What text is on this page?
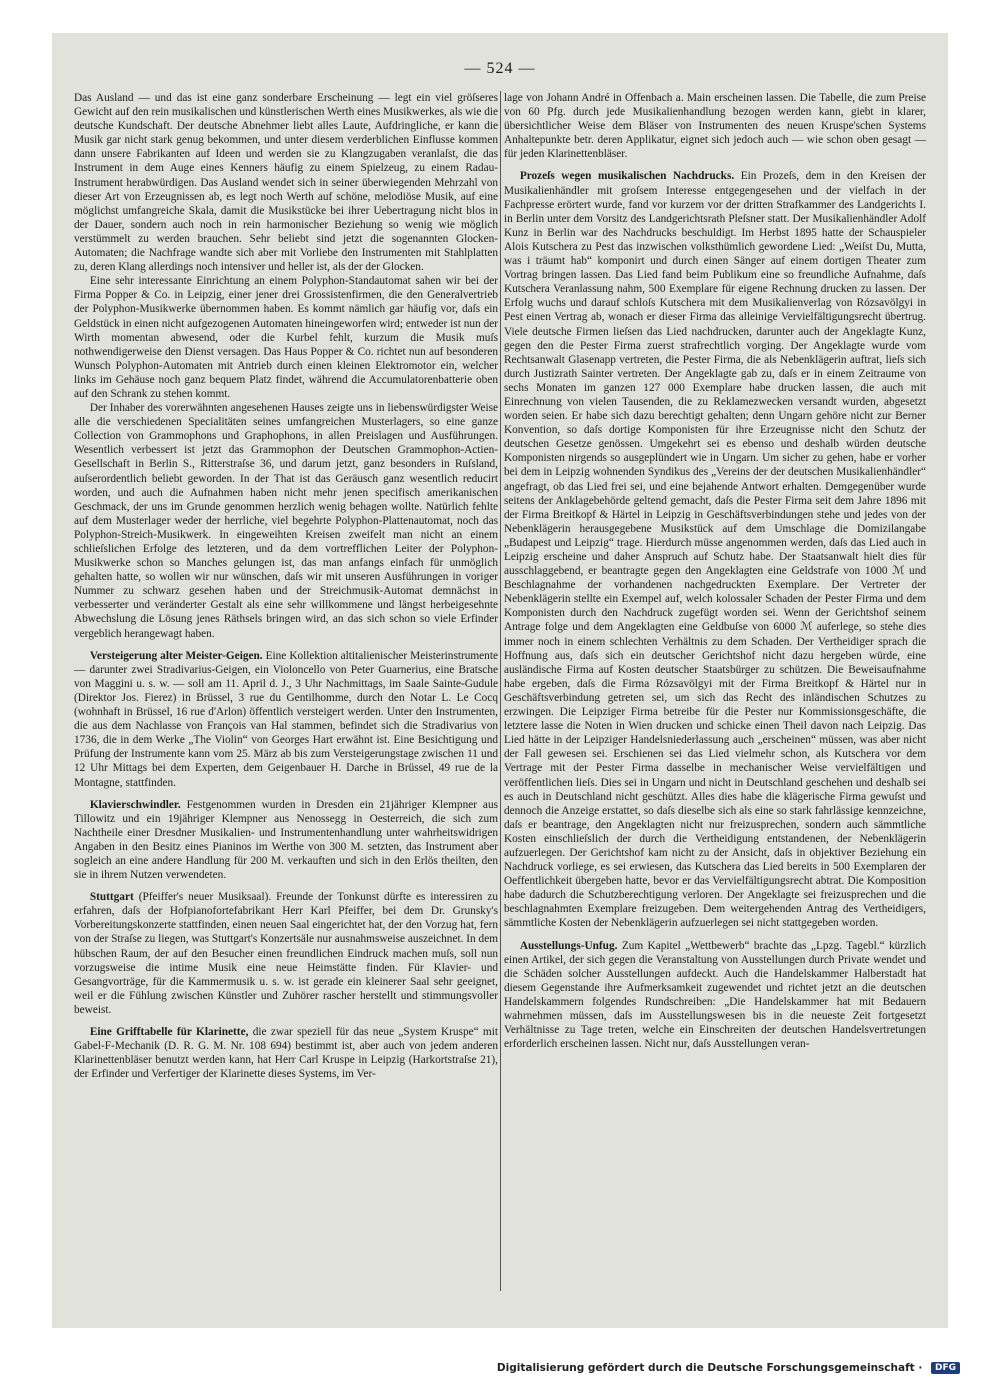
— 524 —

Das Ausland — und das ist eine ganz sonderbare Erscheinung — legt ein viel gröſseres Gewicht auf den rein musikalischen und künstlerischen Werth eines Musikwerkes, als wie die deutsche Kundschaft. Der deutsche Abnehmer liebt alles Laute, Aufdringliche, er kann die Musik gar nicht stark genug bekommen, und unter diesem verderblichen Einflusse kommen dann unsere Fabrikanten auf Ideen und werden sie zu Klangzugaben veranlaſst, die das Instrument in dem Auge eines Kenners häufig zu einem Spielzeug, zu einem Radau-Instrument herabwürdigen. Das Ausland wendet sich in seiner überwiegenden Mehrzahl von dieser Art von Erzeugnissen ab, es legt noch Werth auf schöne, melodiöse Musik, auf eine möglichst umfangreiche Skala, damit die Musikstücke bei ihrer Uebertragung nicht blos in der Dauer, sondern auch noch in rein harmonischer Beziehung so wenig wie möglich verstümmelt zu werden brauchen. Sehr beliebt sind jetzt die sogenannten Glocken-Automaten; die Nachfrage wandte sich aber mit Vorliebe den Instrumenten mit Stahlplatten zu, deren Klang allerdings noch intensiver und heller ist, als der der Glocken.

Eine sehr interessante Einrichtung an einem Polyphon-Standautomat sahen wir bei der Firma Popper & Co. in Leipzig, einer jener drei Grossistenfirmen, die den Generalvertrieb der Polyphon-Musikwerke übernommen haben. Es kommt nämlich gar häufig vor, daſs ein Geldstück in einen nicht aufgezogenen Automaten hineingeworfen wird; entweder ist nun der Wirth momentan abwesend, oder die Kurbel fehlt, kurzum die Musik muſs nothwendigerweise den Dienst versagen. Das Haus Popper & Co. richtet nun auf besonderen Wunsch Polyphon-Automaten mit Antrieb durch einen kleinen Elektromotor ein, welcher links im Gehäuse noch ganz bequem Platz findet, während die Accumulatorenbatterie oben auf den Schrank zu stehen kommt.

Der Inhaber des vorerwähnten angesehenen Hauses zeigte uns in liebenswürdigster Weise alle die verschiedenen Specialitäten seines umfangreichen Musterlagers, so eine ganze Collection von Grammophons und Graphophons, in allen Preislagen und Ausführungen. Wesentlich verbessert ist jetzt das Grammophon der Deutschen Grammophon-Actien-Gesellschaft in Berlin S., Ritterstraſse 36, und darum jetzt, ganz besonders in Ruſsland, auſserordentlich beliebt geworden. In der That ist das Geräusch ganz wesentlich reducirt worden, und auch die Aufnahmen haben nicht mehr jenen specifisch amerikanischen Geschmack, der uns im Grunde genommen herzlich wenig behagen wollte. Natürlich fehlte auf dem Musterlager weder der herrliche, viel begehrte Polyphon-Plattenautomat, noch das Polyphon-Streich-Musikwerk. In eingeweihten Kreisen zweifelt man nicht an einem schlieſslichen Erfolge des letzteren, und da dem vortrefflichen Leiter der Polyphon-Musikwerke schon so Manches gelungen ist, das man anfangs einfach für unmöglich gehalten hatte, so wollen wir nur wünschen, daſs wir mit unseren Ausführungen in voriger Nummer zu schwarz gesehen haben und der Streichmusik-Automat demnächst in verbesserter und veränderter Gestalt als eine sehr willkommene und längst herbeigesehnte Abwechslung die Lösung jenes Räthsels bringen wird, an das sich schon so viele Erfinder vergeblich herangewagt haben.

Versteigerung alter Meister-Geigen. Eine Kollektion altitalienischer Meisterinstrumente — darunter zwei Stradivarius-Geigen, ein Violoncello von Peter Guarnerius, eine Bratsche von Maggini u. s. w. — soll am 11. April d. J., 3 Uhr Nachmittags, im Saale Sainte-Gudule (Direktor Jos. Fierez) in Brüssel, 3 rue du Gentilhomme, durch den Notar L. Le Cocq (wohnhaft in Brüssel, 16 rue d'Arlon) öffentlich versteigert werden. Unter den Instrumenten, die aus dem Nachlasse von François van Hal stammen, befindet sich die Stradivarius von 1736, die in dem Werke „The Violin“ von Georges Hart erwähnt ist. Eine Besichtigung und Prüfung der Instrumente kann vom 25. März ab bis zum Versteigerungstage zwischen 11 und 12 Uhr Mittags bei dem Experten, dem Geigenbauer H. Darche in Brüssel, 49 rue de la Montagne, stattfinden.

Klavierschwindler. Festgenommen wurden in Dresden ein 21jähriger Klempner aus Tillowitz und ein 19jähriger Klempner aus Nenossegg in Oesterreich, die sich zum Nachtheile einer Dresdner Musikalien- und Instrumentenhandlung unter wahrheitswidrigen Angaben in den Besitz eines Pianinos im Werthe von 300 M. setzten, das Instrument aber sogleich an eine andere Handlung für 200 M. verkauften und sich in den Erlös theilten, den sie in ihrem Nutzen verwendeten.

Stuttgart (Pfeiffer's neuer Musiksaal). Freunde der Tonkunst dürfte es interessiren zu erfahren, daſs der Hofpianofortefabrikant Herr Karl Pfeiffer, bei dem Dr. Grunsky's Vorbereitungskonzerte stattfinden, einen neuen Saal eingerichtet hat, der den Vorzug hat, fern von der Straſse zu liegen, was Stuttgart's Konzertsäle nur ausnahmsweise auszeichnet. In dem hübschen Raum, der auf den Besucher einen freundlichen Eindruck machen muſs, soll nun vorzugsweise die intime Musik eine neue Heimstätte finden. Für Klavier- und Gesangvorträge, für die Kammermusik u. s. w. ist gerade ein kleinerer Saal sehr geeignet, weil er die Fühlung zwischen Künstler und Zuhörer rascher herstellt und stimmungsvoller beweist.

Eine Grifftabelle für Klarinette, die zwar speziell für das neue „System Kruspe“ mit Gabel-F-Mechanik (D. R. G. M. Nr. 108 694) bestimmt ist, aber auch von jedem anderen Klarinettenbläser benutzt werden kann, hat Herr Carl Kruspe in Leipzig (Harkortstraſse 21), der Erfinder und Verfertiger der Klarinette dieses Systems, im Ver-

lage von Johann André in Offenbach a. Main erscheinen lassen. Die Tabelle, die zum Preise von 60 Pfg. durch jede Musikalienhandlung bezogen werden kann, giebt in klarer, übersichtlicher Weise dem Bläser von Instrumenten des neuen Kruspe'schen Systems Anhaltepunkte betr. deren Applikatur, eignet sich jedoch auch — wie schon oben gesagt — für jeden Klarinettenbläser.

Prozeſs wegen musikalischen Nachdrucks. Ein Prozeſs, dem in den Kreisen der Musikalienhändler mit groſsem Interesse entgegengesehen und der vielfach in der Fachpresse erörtert wurde, fand vor kurzem vor der dritten Strafkammer des Landgerichts I. in Berlin unter dem Vorsitz des Landgerichtsrath Pleſsner statt. Der Musikalienhändler Adolf Kunz in Berlin war des Nachdrucks beschuldigt. Im Herbst 1895 hatte der Schauspieler Alois Kutschera zu Pest das inzwischen volksthümlich gewordene Lied: „Weiſst Du, Mutta, was i träumt hab“ komponirt und durch einen Sänger auf einem dortigen Theater zum Vortrag bringen lassen. Das Lied fand beim Publikum eine so freundliche Aufnahme, daſs Kutschera Veranlassung nahm, 500 Exemplare für eigene Rechnung drucken zu lassen. Der Erfolg wuchs und darauf schloſs Kutschera mit dem Musikalienverlag von Rózsavölgyi in Pest einen Vertrag ab, wonach er dieser Firma das alleinige Vervielfältigungsrecht übertrug. Viele deutsche Firmen lieſsen das Lied nachdrucken, darunter auch der Angeklagte Kunz, gegen den die Pester Firma zuerst strafrechtlich vorging. Der Angeklagte wurde vom Rechtsanwalt Glasenapp vertreten, die Pester Firma, die als Nebenklägerin auftrat, lieſs sich durch Justizrath Sainter vertreten. Der Angeklagte gab zu, daſs er in einem Zeitraume von sechs Monaten im ganzen 127 000 Exemplare habe drucken lassen, die auch mit Einrechnung von vielen Tausenden, die zu Reklamezwecken versandt wurden, abgesetzt worden seien. Er habe sich dazu berechtigt gehalten; denn Ungarn gehöre nicht zur Berner Konvention, so daſs dortige Komponisten für ihre Erzeugnisse nicht den Schutz der deutschen Gesetze genössen. Umgekehrt sei es ebenso und deshalb würden deutsche Komponisten nirgends so ausgeplündert wie in Ungarn. Um sicher zu gehen, habe er vorher bei dem in Leipzig wohnenden Syndikus des „Vereins der der deutschen Musikalienhändler“ angefragt, ob das Lied frei sei, und eine bejahende Antwort erhalten. Demgegenüber wurde seitens der Anklagebehörde geltend gemacht, daſs die Pester Firma seit dem Jahre 1896 mit der Firma Breitkopf & Härtel in Leipzig in Geschäftsverbindungen stehe und jedes von der Nebenklägerin herausgegebene Musikstück auf dem Umschlage die Domizilangabe „Budapest und Leipzig“ trage. Hierdurch müsse angenommen werden, daſs das Lied auch in Leipzig erscheine und daher Anspruch auf Schutz habe. Der Staatsanwalt hielt dies für ausschlaggebend, er beantragte gegen den Angeklagten eine Geldstrafe von 1000 ℳ und Beschlagnahme der vorhandenen nachgedruckten Exemplare. Der Vertreter der Nebenklägerin stellte ein Exempel auf, welch kolossaler Schaden der Pester Firma und dem Komponisten durch den Nachdruck zugefügt worden sei. Wenn der Gerichtshof seinem Antrage folge und dem Angeklagten eine Geldbuſse von 6000 ℳ auferlege, so stehe dies immer noch in einem schlechten Verhältnis zu dem Schaden. Der Vertheidiger sprach die Hoffnung aus, daſs sich ein deutscher Gerichtshof nicht dazu hergeben würde, eine ausländische Firma auf Kosten deutscher Staatsbürger zu schützen. Die Beweisaufnahme habe ergeben, daſs die Firma Rózsavölgyi mit der Firma Breitkopf & Härtel nur in Geschäftsverbindung getreten sei, um sich das Recht des inländischen Schutzes zu erzwingen. Die Leipziger Firma betreibe für die Pester nur Kommissionsgeschäfte, die letztere lasse die Noten in Wien drucken und schicke einen Theil davon nach Leipzig. Das Lied hätte in der Leipziger Handelsniederlassung auch „erscheinen“ müssen, was aber nicht der Fall gewesen sei. Erschienen sei das Lied vielmehr schon, als Kutschera vor dem Vertrage mit der Pester Firma dasselbe in mechanischer Weise vervielfältigen und veröffentlichen lieſs. Dies sei in Ungarn und nicht in Deutschland geschehen und deshalb sei es auch in Deutschland nicht geschützt. Alles dies habe die klägerische Firma gewuſst und dennoch die Anzeige erstattet, so daſs dieselbe sich als eine so stark fahrlässige kennzeichne, daſs er beantrage, den Angeklagten nicht nur freizusprechen, sondern auch sämmtliche Kosten einschlieſslich der durch die Vertheidigung entstandenen, der Nebenklägerin aufzuerlegen. Der Gerichtshof kam nicht zu der Ansicht, daſs in objektiver Beziehung ein Nachdruck vorliege, es sei erwiesen, das Kutschera das Lied bereits in 500 Exemplaren der Oeffentlichkeit übergeben hatte, bevor er das Vervielfältigungsrecht abtrat. Die Komposition habe dadurch die Schutzberechtigung verloren. Der Angeklagte sei freizusprechen und die beschlagnahmten Exemplare freizugeben. Dem weitergehenden Antrag des Vertheidigers, sämmtliche Kosten der Nebenklägerin aufzuerlegen sei nicht stattgegeben worden.

Ausstellungs-Unfug. Zum Kapitel „Wettbewerb“ brachte das „Lpzg. Tagebl.“ kürzlich einen Artikel, der sich gegen die Veranstaltung von Ausstellungen durch Private wendet und die Schäden solcher Ausstellungen aufdeckt. Auch die Handelskammer Halberstadt hat diesem Gegenstande ihre Aufmerksamkeit zugewendet und richtet jetzt an die deutschen Handelskammern folgendes Rundschreiben: „Die Handelskammer hat mit Bedauern wahrnehmen müssen, daſs im Ausstellungswesen bis in die neueste Zeit fortgesetzt Verhältnisse zu Tage treten, welche ein Einschreiten der deutschen Handelsvertretungen erforderlich erscheinen lassen. Nicht nur, daſs Ausstellungen veran-

Digitalisierung gefördert durch die Deutsche Forschungsgemeinschaft · DFG
